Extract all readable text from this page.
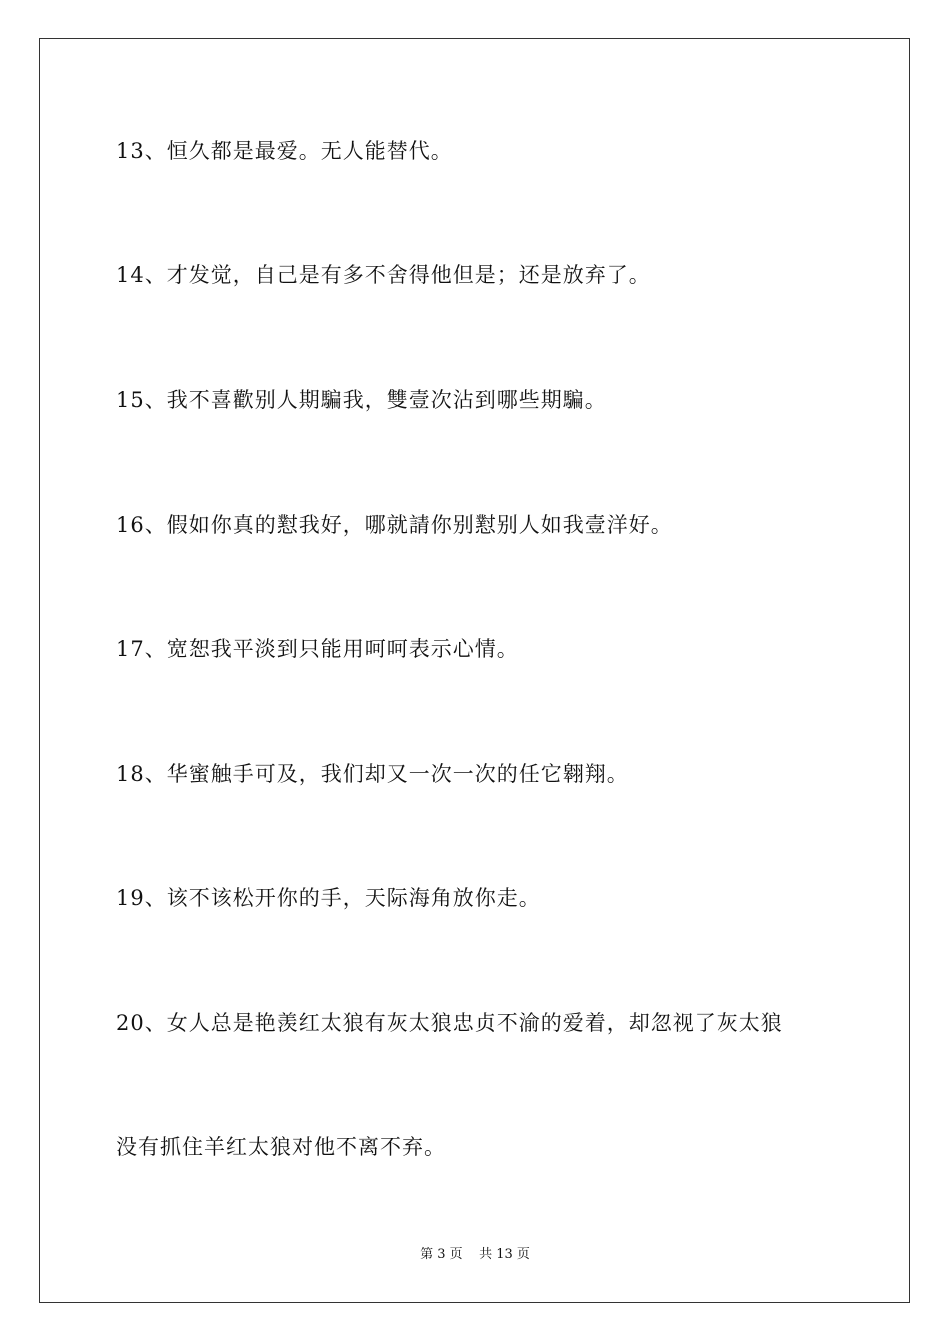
13、恒久都是最爱。无人能替代。
14、才发觉，自己是有多不舍得他但是；还是放弃了。
15、我不喜歡别人期騙我，雙壹次沾到哪些期騙。
16、假如你真的懟我好，哪就請你别懟别人如我壹洋好。
17、宽恕我平淡到只能用呵呵表示心情。
18、华蜜触手可及，我们却又一次一次的任它翱翔。
19、该不该松开你的手，天际海角放你走。
20、女人总是艳羡红太狼有灰太狼忠贞不渝的爱着，却忽视了灰太狼
没有抓住羊红太狼对他不离不弃。
第 3 页    共 13 页
